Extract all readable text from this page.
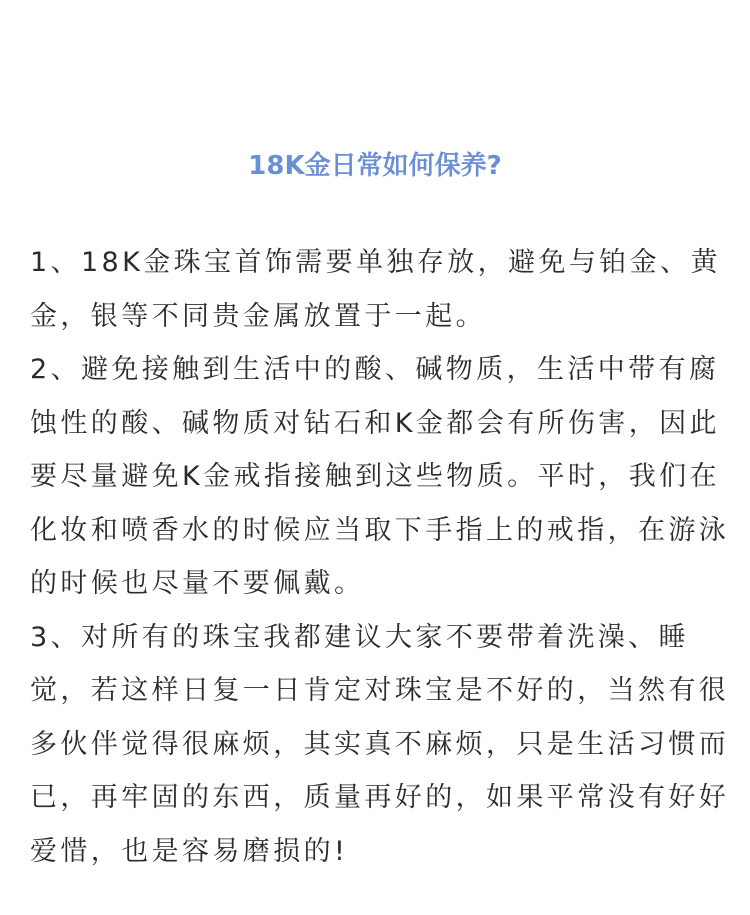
18K金日常如何保养?

1、18K金珠宝首饰需要单独存放，避免与铂金、黄
金，银等不同贵金属放置于一起。

2、避免接触到生活中的酸、碱物质，生活中带有腐
蚀性的酸、碱物质对钻石和K金都会有所伤害，因此
要尽量避免K金戒指接触到这些物质。平时，我们在
化妆和喷香水的时候应当取下手指上的戒指，在游泳
的时候也尽量不要佩戴。

3、对所有的珠宝我都建议大家不要带着洗澡、睡
觉，若这样日复一日肯定对珠宝是不好的，当然有很
多伙伴觉得很麻烦，其实真不麻烦，只是生活习惯而
已，再牢固的东西，质量再好的，如果平常没有好好
爱惜，也是容易磨损的!
